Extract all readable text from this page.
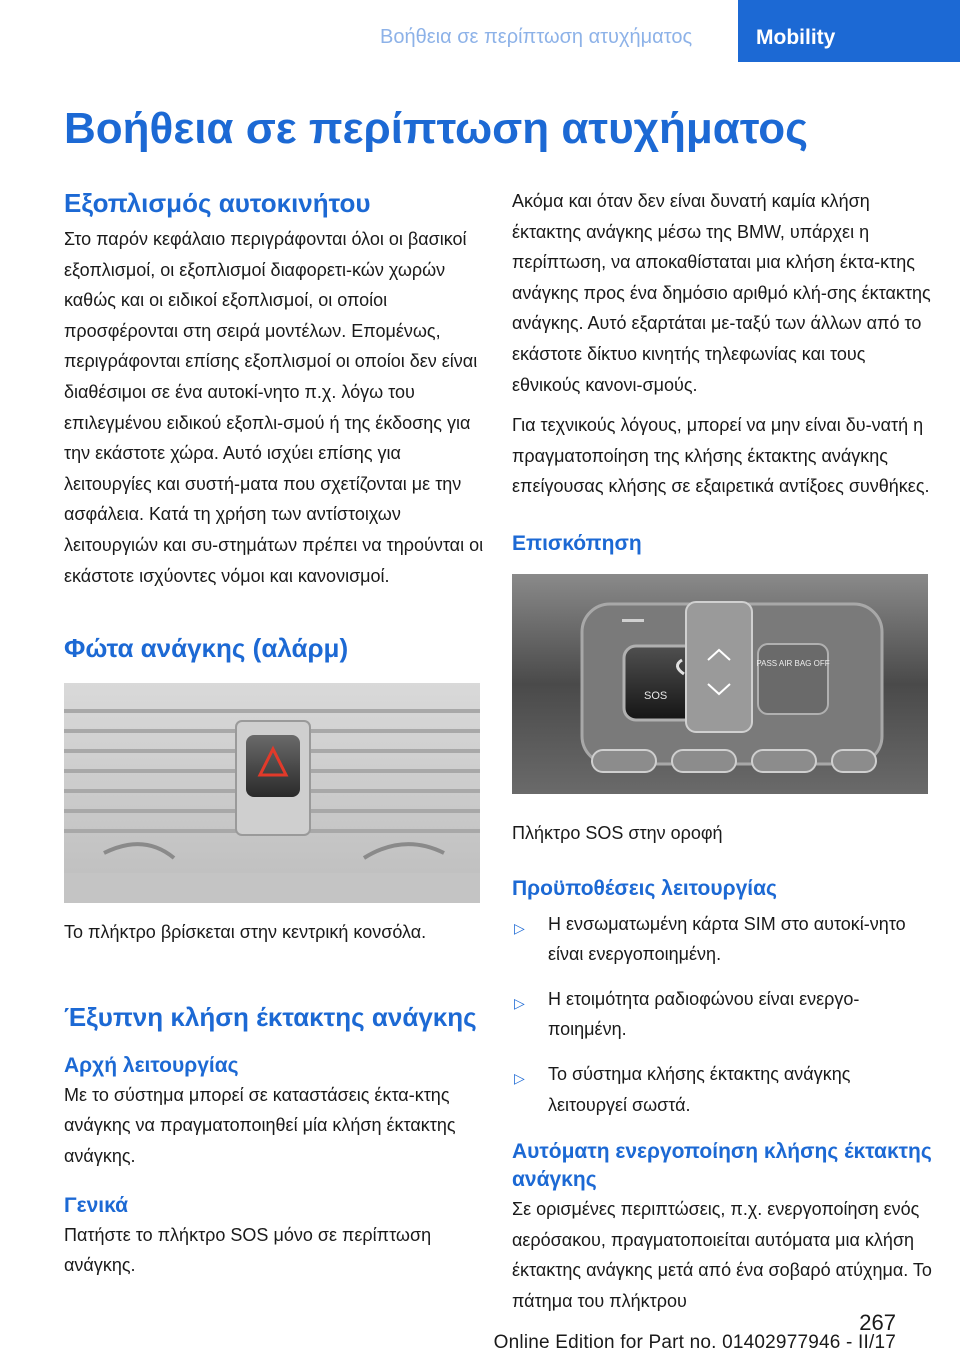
Βοήθεια σε περίπτωση ατυχήματος	Mobility
Βοήθεια σε περίπτωση ατυχήματος
Εξοπλισμός αυτοκινήτου

Στο παρόν κεφάλαιο περιγράφονται όλοι οι βασικοί εξοπλισμοί, οι εξοπλισμοί διαφορετι‐κών χωρών καθώς και οι ειδικοί εξοπλισμοί, οι οποίοι προσφέρονται στη σειρά μοντέλων. Επομένως, περιγράφονται επίσης εξοπλισμοί οι οποίοι δεν είναι διαθέσιμοι σε ένα αυτοκί‐νητο π.χ. λόγω του επιλεγμένου ειδικού εξοπλι‐σμού ή της έκδοσης για την εκάστοτε χώρα. Αυτό ισχύει επίσης για λειτουργίες και συστή‐ματα που σχετίζονται με την ασφάλεια. Κατά τη χρήση των αντίστοιχων λειτουργιών και συ‐στημάτων πρέπει να τηρούνται οι εκάστοτε ισχύοντες νόμοι και κανονισμοί.

Φώτα ανάγκης (αλάρμ)

Το πλήκτρο βρίσκεται στην κεντρική κονσόλα.

Έξυπνη κλήση έκτακτης ανάγκης
Αρχή λειτουργίας

Με το σύστημα μπορεί σε καταστάσεις έκτα‐κτης ανάγκης να πραγματοποιηθεί μία κλήση έκτακτης ανάγκης.

Γενικά

Πατήστε το πλήκτρο SOS μόνο σε περίπτωση ανάγκης.

Ακόμα και όταν δεν είναι δυνατή καμία κλήση έκτακτης ανάγκης μέσω της BMW, υπάρχει η περίπτωση, να αποκαθίσταται μια κλήση έκτα‐κτης ανάγκης προς ένα δημόσιο αριθμό κλή‐σης έκτακτης ανάγκης. Αυτό εξαρτάται με‐ταξύ των άλλων από το εκάστοτε δίκτυο κινητής τηλεφωνίας και τους εθνικούς κανονι‐σμούς.

Για τεχνικούς λόγους, μπορεί να μην είναι δυ‐νατή η πραγματοποίηση της κλήσης έκτακτης ανάγκης επείγουσας κλήσης σε εξαιρετικά αντίξοες συνθήκες.

Επισκόπηση
SOS
PASS AIR BAG OFF

Πλήκτρο SOS στην οροφή

Προϋποθέσεις λειτουργίας
▷ Η ενσωματωμένη κάρτα SIM στο αυτοκί‐νητο είναι ενεργοποιημένη.
▷ Η ετοιμότητα ραδιοφώνου είναι ενεργο‐ποιημένη.
▷ Το σύστημα κλήσης έκτακτης ανάγκης λειτουργεί σωστά.
Αυτόματη ενεργοποίηση κλήσης έκτακτης ανάγκης

Σε ορισμένες περιπτώσεις, π.χ. ενεργοποίηση ενός αερόσακου, πραγματοποιείται αυτόματα μια κλήση έκτακτης ανάγκης μετά από ένα σοβαρό ατύχημα. Το πάτημα του πλήκτρου

267
Online Edition for Part no. 01402977946 - II/17
